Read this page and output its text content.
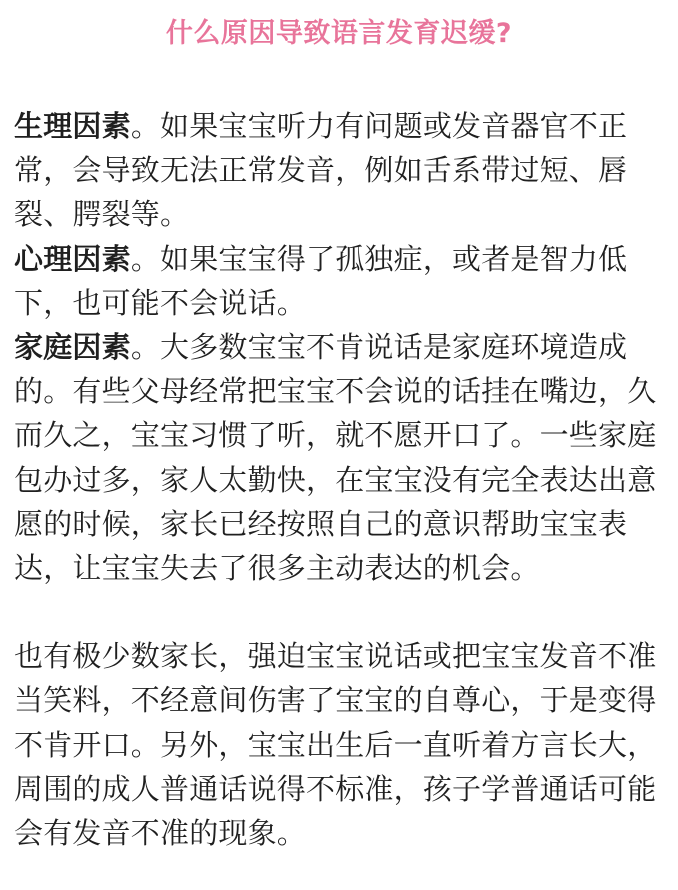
什么原因导致语言发育迟缓?

生理因素。如果宝宝听力有问题或发音器官不正常，会导致无法正常发音，例如舌系带过短、唇裂、腭裂等。

心理因素。如果宝宝得了孤独症，或者是智力低下，也可能不会说话。

家庭因素。大多数宝宝不肯说话是家庭环境造成的。有些父母经常把宝宝不会说的话挂在嘴边，久而久之，宝宝习惯了听，就不愿开口了。一些家庭包办过多，家人太勤快，在宝宝没有完全表达出意愿的时候，家长已经按照自己的意识帮助宝宝表达，让宝宝失去了很多主动表达的机会。

也有极少数家长，强迫宝宝说话或把宝宝发音不准当笑料，不经意间伤害了宝宝的自尊心，于是变得不肯开口。另外，宝宝出生后一直听着方言长大，周围的成人普通话说得不标准，孩子学普通话可能会有发音不准的现象。
